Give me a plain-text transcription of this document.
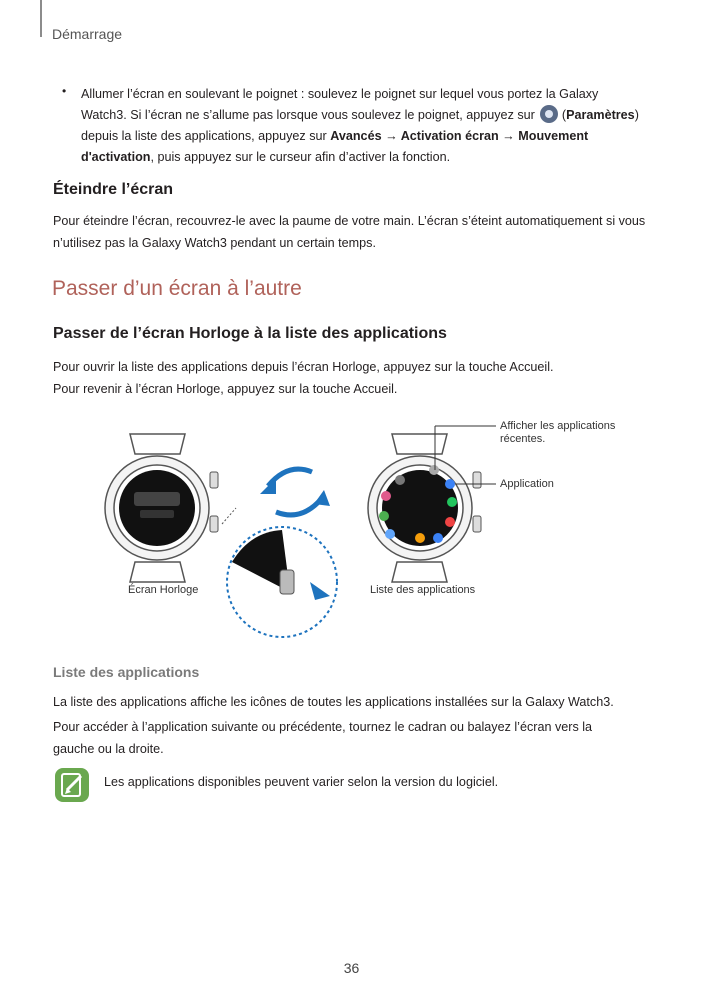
Démarrage
• Allumer l’écran en soulevant le poignet : soulevez le poignet sur lequel vous portez la Galaxy Watch3. Si l’écran ne s’allume pas lorsque vous soulevez le poignet, appuyez sur  (Paramètres) depuis la liste des applications, appuyez sur Avancés → Activation écran → Mouvement d'activation, puis appuyez sur le curseur afin d’activer la fonction.
Éteindre l’écran
Pour éteindre l’écran, recouvrez-le avec la paume de votre main. L’écran s’éteint automatiquement si vous n’utilisez pas la Galaxy Watch3 pendant un certain temps.
Passer d’un écran à l’autre
Passer de l’écran Horloge à la liste des applications
Pour ouvrir la liste des applications depuis l’écran Horloge, appuyez sur la touche Accueil.
Pour revenir à l’écran Horloge, appuyez sur la touche Accueil.
Afficher les applications récentes.
Application
Écran Horloge	Liste des applications
Liste des applications
La liste des applications affiche les icônes de toutes les applications installées sur la Galaxy Watch3.
Pour accéder à l’application suivante ou précédente, tournez le cadran ou balayez l’écran vers la gauche ou la droite.
Les applications disponibles peuvent varier selon la version du logiciel.
36
